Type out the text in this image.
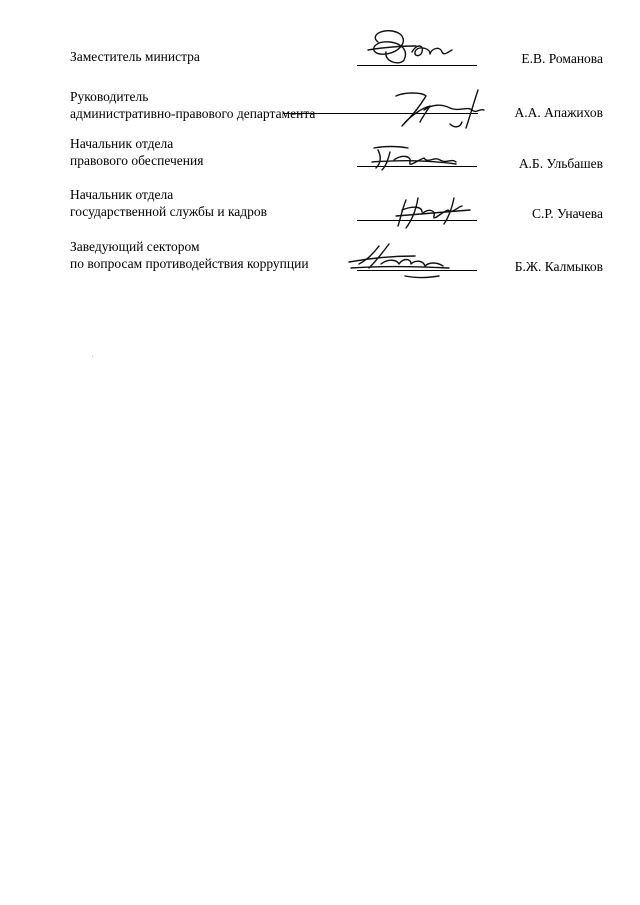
Заместитель министра	Е.В. Романова
Руководитель
административно-правового департамента	А.А. Апажихов
Начальник отдела
правового обеспечения	А.Б. Ульбашев
Начальник отдела
государственной службы и кадров	С.Р. Уначева
Заведующий сектором
по вопросам противодействия коррупции	Б.Ж. Калмыков
